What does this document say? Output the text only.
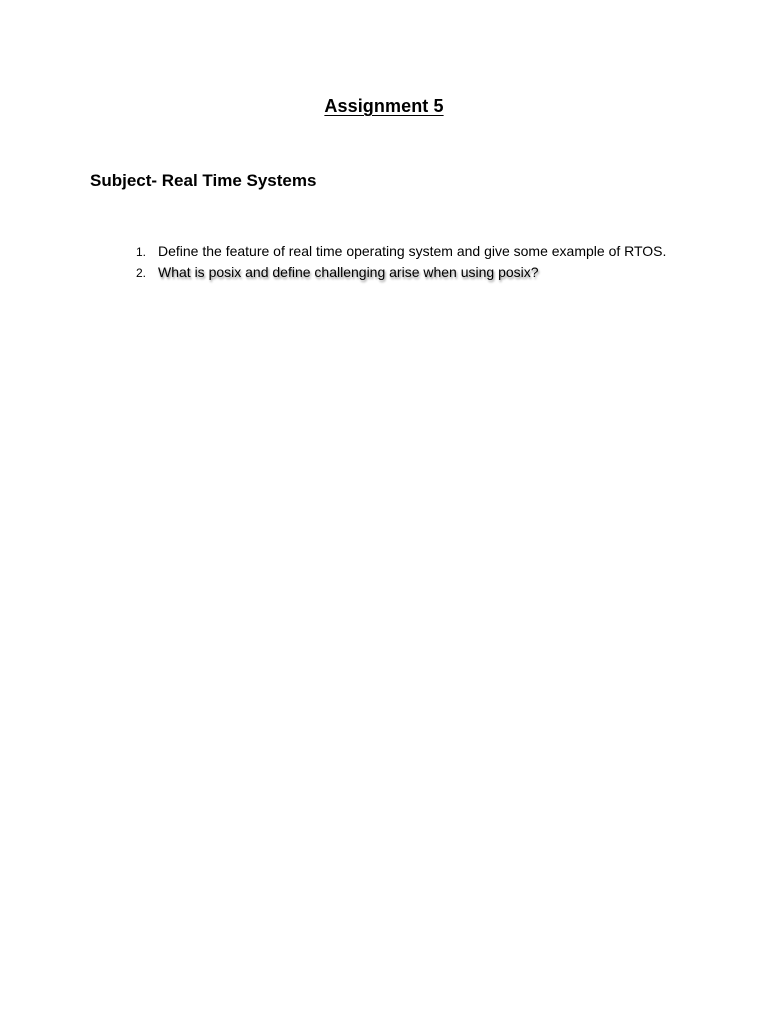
Assignment 5
Subject- Real Time Systems
1. Define the feature of real time operating system and give some example of RTOS.
2. What is posix and define challenging arise when using posix?
